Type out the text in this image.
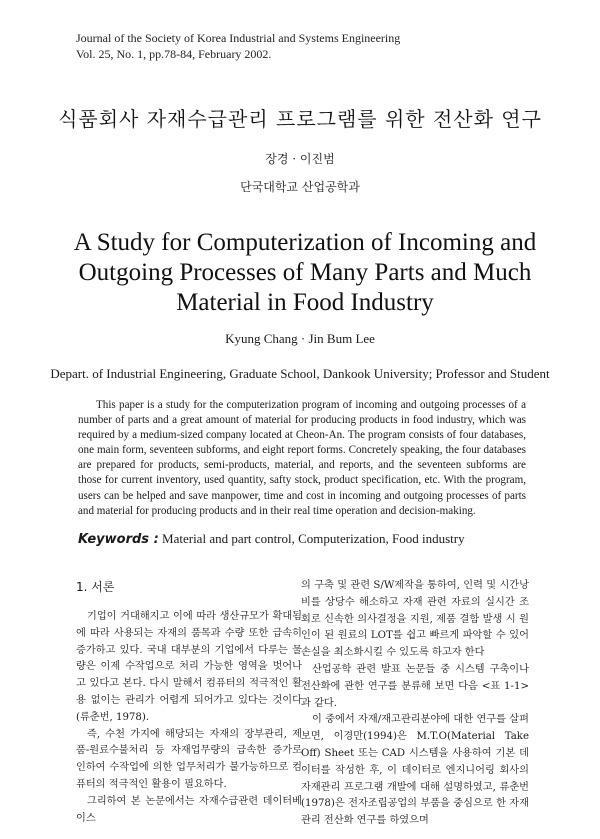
Journal of the Society of Korea Industrial and Systems Engineering
Vol. 25, No. 1, pp.78-84, February 2002.
식품회사 자재수급관리 프로그램를 위한 전산화 연구
장경 · 이진범
단국대학교 산업공학과
A Study for Computerization of Incoming and Outgoing Processes of Many Parts and Much Material in Food Industry
Kyung Chang · Jin Bum Lee
Depart. of Industrial Engineering, Graduate School, Dankook University; Professor and Student

This paper is a study for the computerization program of incoming and outgoing processes of a number of parts and a great amount of material for producing products in food industry, which was required by a medium-sized company located at Cheon-An. The program consists of four databases, one main form, seventeen subforms, and eight report forms. Concretely speaking, the four databases are prepared for products, semi-products, material, and reports, and the seventeen subforms are those for current inventory, used quantity, safty stock, product specification, etc. With the program, users can be helped and save manpower, time and cost in incoming and outgoing processes of parts and material for producing products and in their real time operation and decision-making.

Keywords : Material and part control, Computerization, Food industry
1. 서론

기업이 거대해지고 이에 따라 생산규모가 확대됨에 따라 사용되는 자재의 품목과 수량 또한 급속히 증가하고 있다. 국내 대부분의 기업에서 다루는 물량은 이제 수작업으로 처리 가능한 영역을 벗어나고 있다고 본다. 다시 말해서 컴퓨터의 적극적인 활용 없이는 관리가 어렵게 되어가고 있다는 것이다(류춘번, 1978).

즉, 수천 가지에 해당되는 자재의 장부관리, 제품-원료수불처리 등 자재업무량의 급속한 증가로 인하여 수작업에 의한 업무처리가 불가능하므로 컴퓨터의 적극적인 활용이 필요하다.

그리하여 본 논문에서는 자재수급관련 데이터베이스

의 구축 및 관련 S/W제작을 통하여, 인력 및 시간낭비를 상당수 해소하고 자재 관련 자료의 실시간 조회로 신속한 의사결정을 지원, 제품 결함 발생 시 원인이 된 원료의 LOT를 쉽고 빠르게 파악할 수 있어 손실을 최소화시킬 수 있도록 하고자 한다

산업공학 관련 발표 논문들 중 시스템 구축이나 전산화에 관한 연구를 분류해 보면 다음 <표 1-1>과 같다.

이 중에서 자재/재고관리분야에 대한 연구를 살펴보면, 이경만(1994)은 M.T.O(Material Take Off) Sheet 또는 CAD 시스템을 사용하여 기본 데이터를 작성한 후, 이 데이터로 엔지니어링 회사의 자재관리 프로그램 개발에 대해 설명하였고, 류춘번(1978)은 전자조립공업의 부품을 중심으로 한 자재관리 전산화 연구를 하였으며
